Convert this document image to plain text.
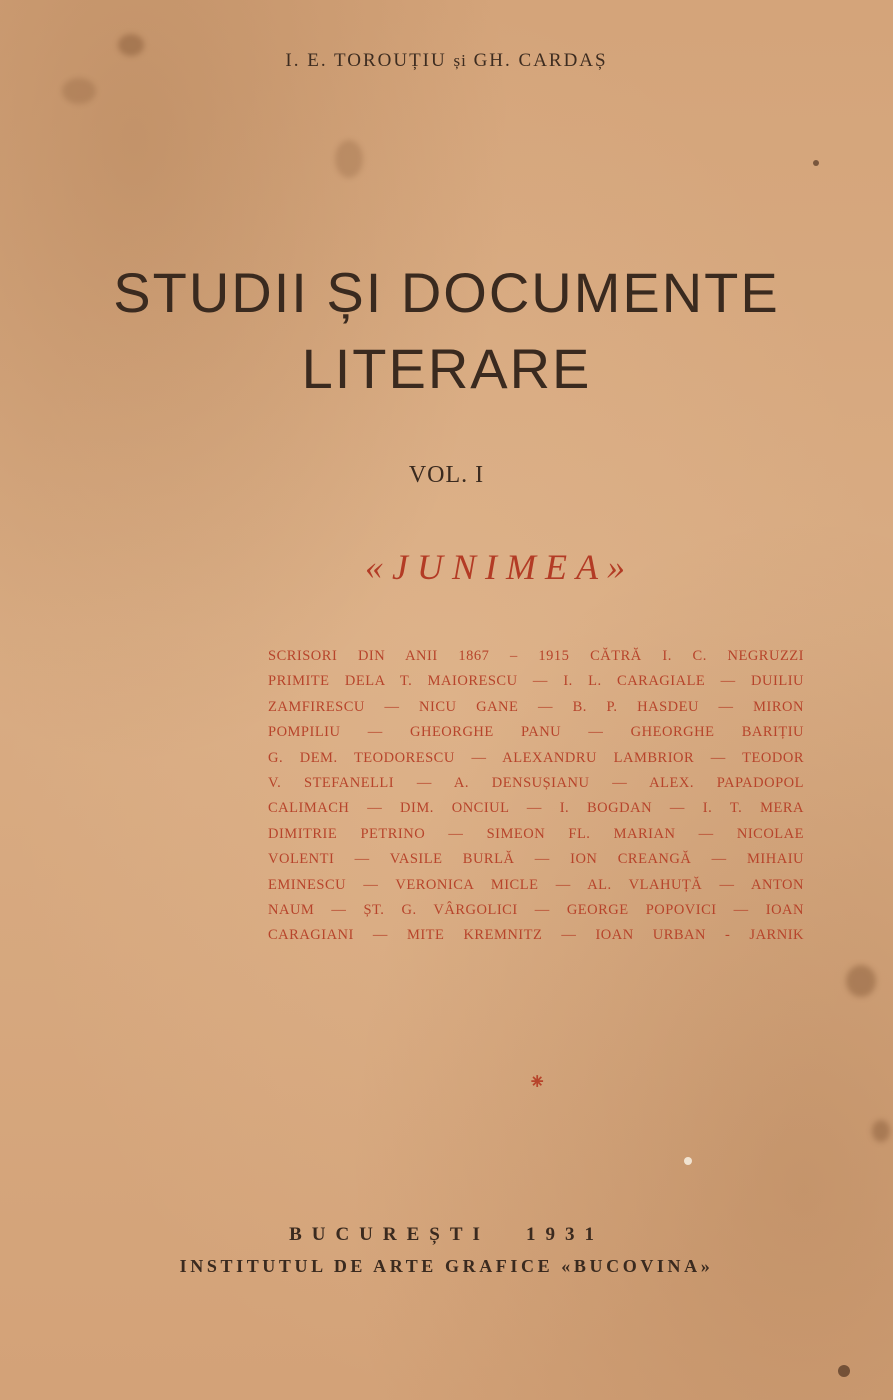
I. E. TOROUȚIU și GH. CARDAȘ
STUDII ȘI DOCUMENTE
LITERARE
VOL. I
«JUNIMEA»
SCRISORI DIN ANII 1867 – 1915 CĂTRĂ I. C. NEGRUZZI
PRIMITE DELA T. MAIORESCU — I. L. CARAGIALE — DUILIU
ZAMFIRESCU — NICU GANE — B. P. HASDEU — MIRON
POMPILIU — GHEORGHE PANU — GHEORGHE BARIȚIU
G. DEM. TEODORESCU — ALEXANDRU LAMBRIOR — TEODOR
V. STEFANELLI — A. DENSUȘIANU — ALEX. PAPADOPOL
CALIMACH — DIM. ONCIUL — I. BOGDAN — I. T. MERA
DIMITRIE PETRINO — SIMEON FL. MARIAN — NICOLAE
VOLENTI — VASILE BURLĂ — ION CREANGĂ — MIHAIU
EMINESCU — VERONICA MICLE — AL. VLAHUȚĂ — ANTON
NAUM — ȘT. G. VÂRGOLICI — GEORGE POPOVICI — IOAN
CARAGIANI — MITE KREMNITZ — IOAN URBAN - JARNIK
⁕
BUCUREȘTI 1931
INSTITUTUL DE ARTE GRAFICE «BUCOVINA»
